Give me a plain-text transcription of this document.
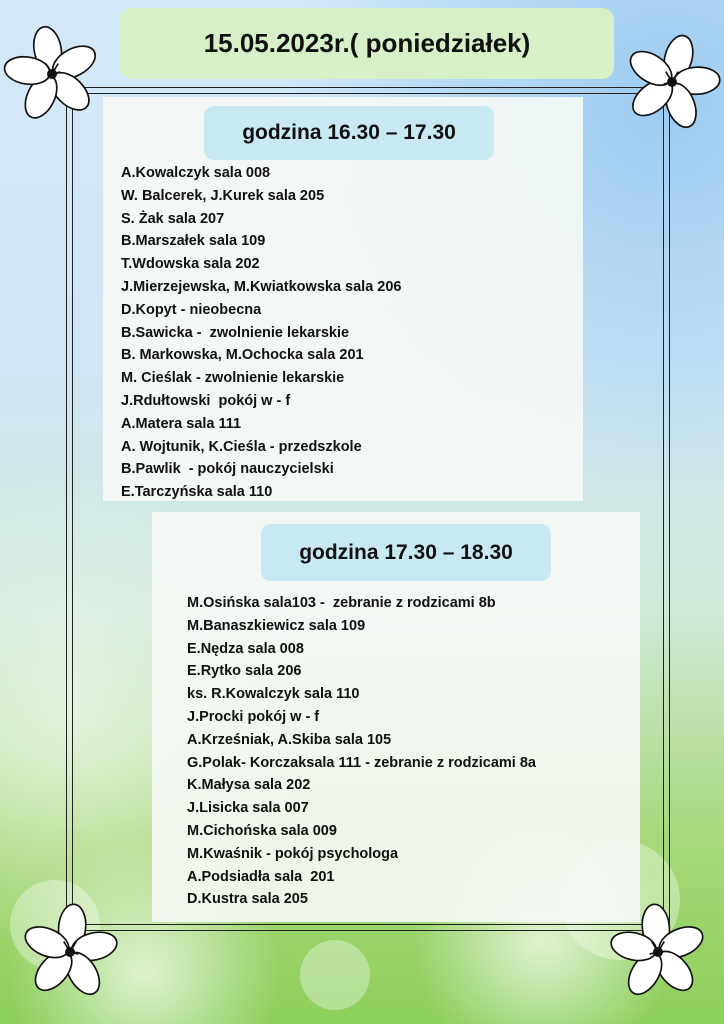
15.05.2023r.( poniedziałek)
godzina 16.30 – 17.30
godzina 17.30 – 18.30
A.Kowalczyk sala 008
W. Balcerek, J.Kurek sala 205
S. Żak sala 207
B.Marszałek sala 109
T.Wdowska sala 202
J.Mierzejewska, M.Kwiatkowska sala 206
D.Kopyt - nieobecna
B.Sawicka -  zwolnienie lekarskie
B. Markowska, M.Ochocka sala 201
M. Cieślak - zwolnienie lekarskie
J.Rdułtowski  pokój w - f
A.Matera sala 111
A. Wojtunik, K.Cieśla - przedszkole
B.Pawlik  - pokój nauczycielski
E.Tarczyńska sala 110
M.Osińska sala103 -  zebranie z rodzicami 8b
M.Banaszkiewicz sala 109
E.Nędza sala 008
E.Rytko sala 206
ks. R.Kowalczyk sala 110
J.Procki pokój w - f
A.Krześniak, A.Skiba sala 105
G.Polak- Korczaksala 111 - zebranie z rodzicami 8a
K.Małysa sala 202
J.Lisicka sala 007
M.Cichońska sala 009
M.Kwaśnik - pokój psychologa
A.Podsiadła sala  201
D.Kustra sala 205
